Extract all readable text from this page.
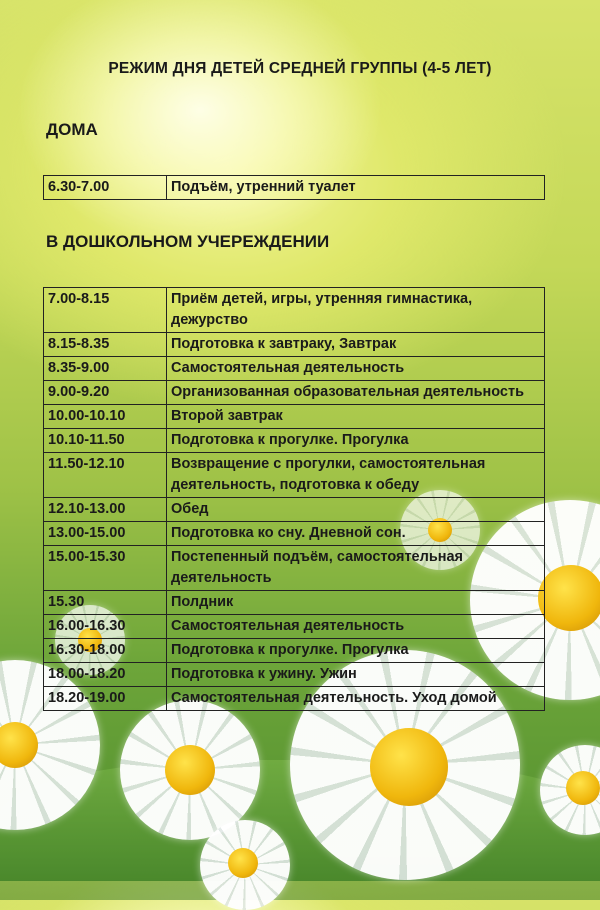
РЕЖИМ ДНЯ ДЕТЕЙ СРЕДНЕЙ ГРУППЫ (4-5 ЛЕТ)
ДОМА
6.30-7.00	Подъём, утренний туалет
В ДОШКОЛЬНОМ УЧЕРЕЖДЕНИИ
7.00-8.15	Приём детей, игры, утренняя гимнастика, дежурство
8.15-8.35	Подготовка к завтраку, Завтрак
8.35-9.00	Самостоятельная деятельность
9.00-9.20	Организованная образовательная деятельность
10.00-10.10	Второй завтрак
10.10-11.50	Подготовка к прогулке. Прогулка
11.50-12.10	Возвращение с прогулки, самостоятельная деятельность, подготовка к обеду
12.10-13.00	Обед
13.00-15.00	Подготовка ко сну. Дневной сон.
15.00-15.30	Постепенный подъём, самостоятельная деятельность
15.30	Полдник
16.00-16.30	Самостоятельная деятельность
16.30-18.00	Подготовка к прогулке. Прогулка
18.00-18.20	Подготовка к ужину. Ужин
18.20-19.00	Самостоятельная деятельность. Уход домой
